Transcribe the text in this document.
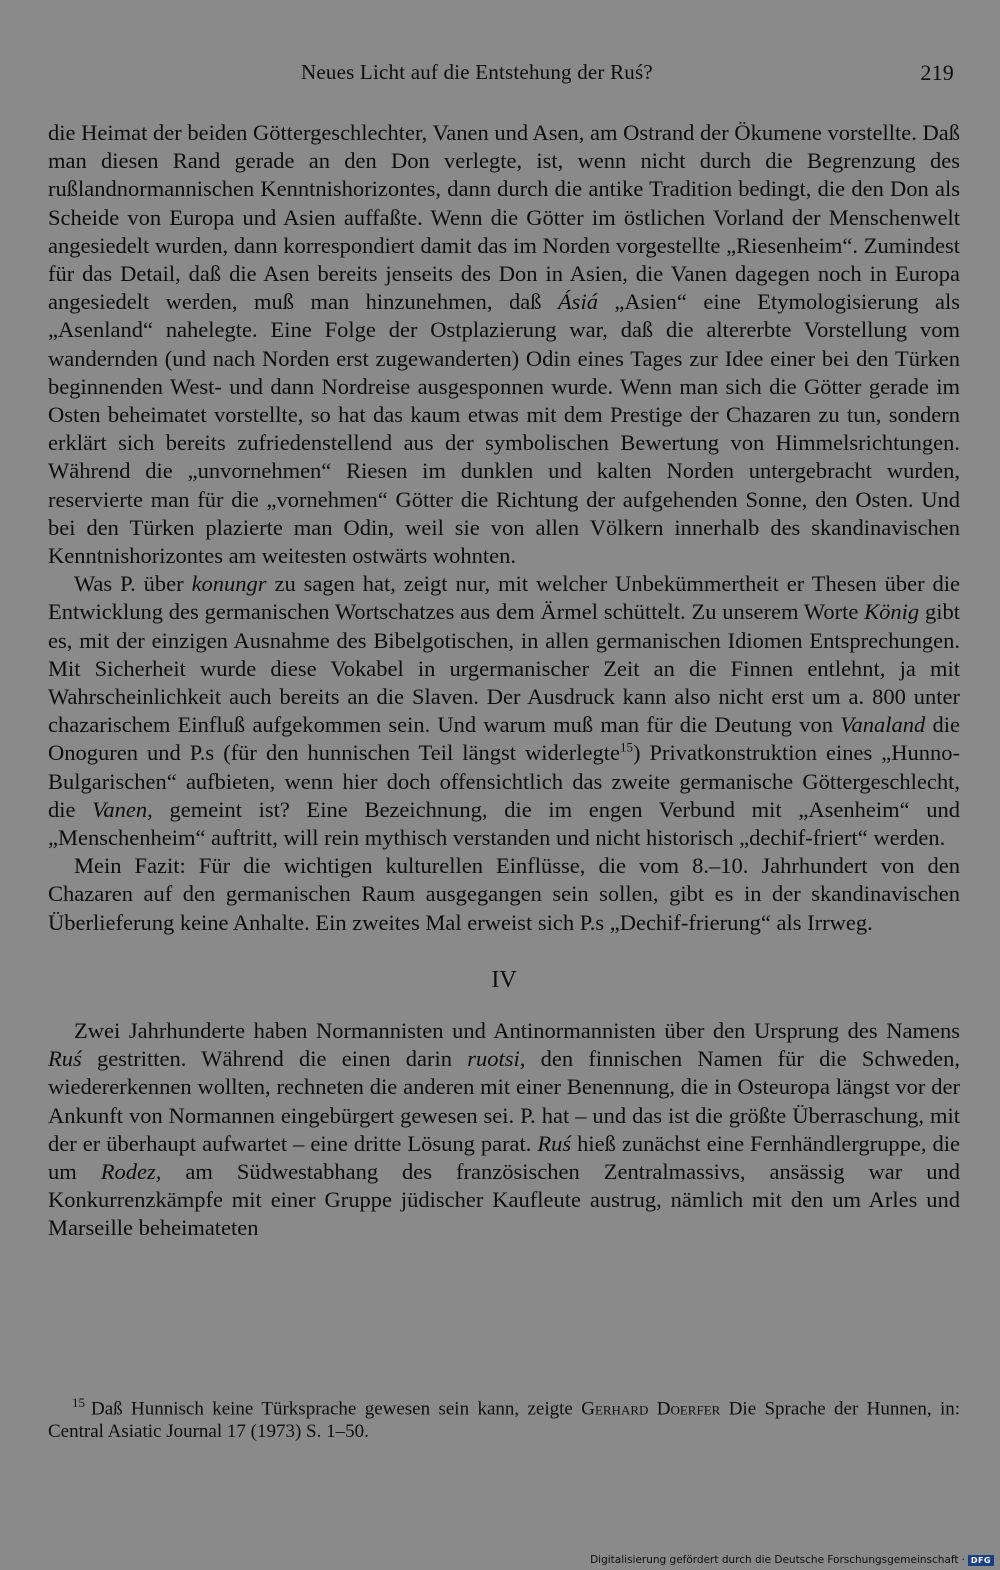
Neues Licht auf die Entstehung der Ruś?	219

die Heimat der beiden Göttergeschlechter, Vanen und Asen, am Ostrand der Ökumene vorstellte. Daß man diesen Rand gerade an den Don verlegte, ist, wenn nicht durch die Begrenzung des rußlandnormannischen Kenntnishorizontes, dann durch die antike Tradition bedingt, die den Don als Scheide von Europa und Asien auffaßte. Wenn die Götter im östlichen Vorland der Menschenwelt angesiedelt wurden, dann korrespondiert damit das im Norden vorgestellte „Riesenheim“. Zumindest für das Detail, daß die Asen bereits jenseits des Don in Asien, die Vanen dagegen noch in Europa angesiedelt werden, muß man hinzunehmen, daß Ásiá „Asien“ eine Etymologisierung als „Asenland“ nahelegte. Eine Folge der Ostplazierung war, daß die altererbte Vorstellung vom wandernden (und nach Norden erst zugewanderten) Odin eines Tages zur Idee einer bei den Türken beginnenden West- und dann Nordreise ausgesponnen wurde. Wenn man sich die Götter gerade im Osten beheimatet vorstellte, so hat das kaum etwas mit dem Prestige der Chazaren zu tun, sondern erklärt sich bereits zufriedenstellend aus der symbolischen Bewertung von Himmelsrichtungen. Während die „unvornehmen“ Riesen im dunklen und kalten Norden untergebracht wurden, reservierte man für die „vornehmen“ Götter die Richtung der aufgehenden Sonne, den Osten. Und bei den Türken plazierte man Odin, weil sie von allen Völkern innerhalb des skandinavischen Kenntnishorizontes am weitesten ostwärts wohnten.

Was P. über konungr zu sagen hat, zeigt nur, mit welcher Unbekümmertheit er Thesen über die Entwicklung des germanischen Wortschatzes aus dem Ärmel schüttelt. Zu unserem Worte König gibt es, mit der einzigen Ausnahme des Bibelgotischen, in allen germanischen Idiomen Entsprechungen. Mit Sicherheit wurde diese Vokabel in urgermanischer Zeit an die Finnen entlehnt, ja mit Wahrscheinlichkeit auch bereits an die Slaven. Der Ausdruck kann also nicht erst um a. 800 unter chazarischem Einfluß aufgekommen sein. Und warum muß man für die Deutung von Vanaland die Onoguren und P.s (für den hunnischen Teil längst widerlegte$^{15}$) Privatkonstruktion eines „Hunno-Bulgarischen“ aufbieten, wenn hier doch offensichtlich das zweite germanische Göttergeschlecht, die Vanen, gemeint ist? Eine Bezeichnung, die im engen Verbund mit „Asenheim“ und „Menschenheim“ auftritt, will rein mythisch verstanden und nicht historisch „dechif-friert“ werden.

Mein Fazit: Für die wichtigen kulturellen Einflüsse, die vom 8.–10. Jahrhundert von den Chazaren auf den germanischen Raum ausgegangen sein sollen, gibt es in der skandinavischen Überlieferung keine Anhalte. Ein zweites Mal erweist sich P.s „Dechif-frierung“ als Irrweg.

IV

Zwei Jahrhunderte haben Normannisten und Antinormannisten über den Ursprung des Namens Ruś gestritten. Während die einen darin ruotsi, den finnischen Namen für die Schweden, wiedererkennen wollten, rechneten die anderen mit einer Benennung, die in Osteuropa längst vor der Ankunft von Normannen eingebürgert gewesen sei. P. hat – und das ist die größte Überraschung, mit der er überhaupt aufwartet – eine dritte Lösung parat. Ruś hieß zunächst eine Fernhändlergruppe, die um Rodez, am Südwestabhang des französischen Zentralmassivs, ansässig war und Konkurrenzkämpfe mit einer Gruppe jüdischer Kaufleute austrug, nämlich mit den um Arles und Marseille beheimateten

$^{15}$ Daß Hunnisch keine Türksprache gewesen sein kann, zeigte Gerhard Doerfer Die Sprache der Hunnen, in: Central Asiatic Journal 17 (1973) S. 1–50.
Digitalisierung gefördert durch die Deutsche Forschungsgemeinschaft · DFG
